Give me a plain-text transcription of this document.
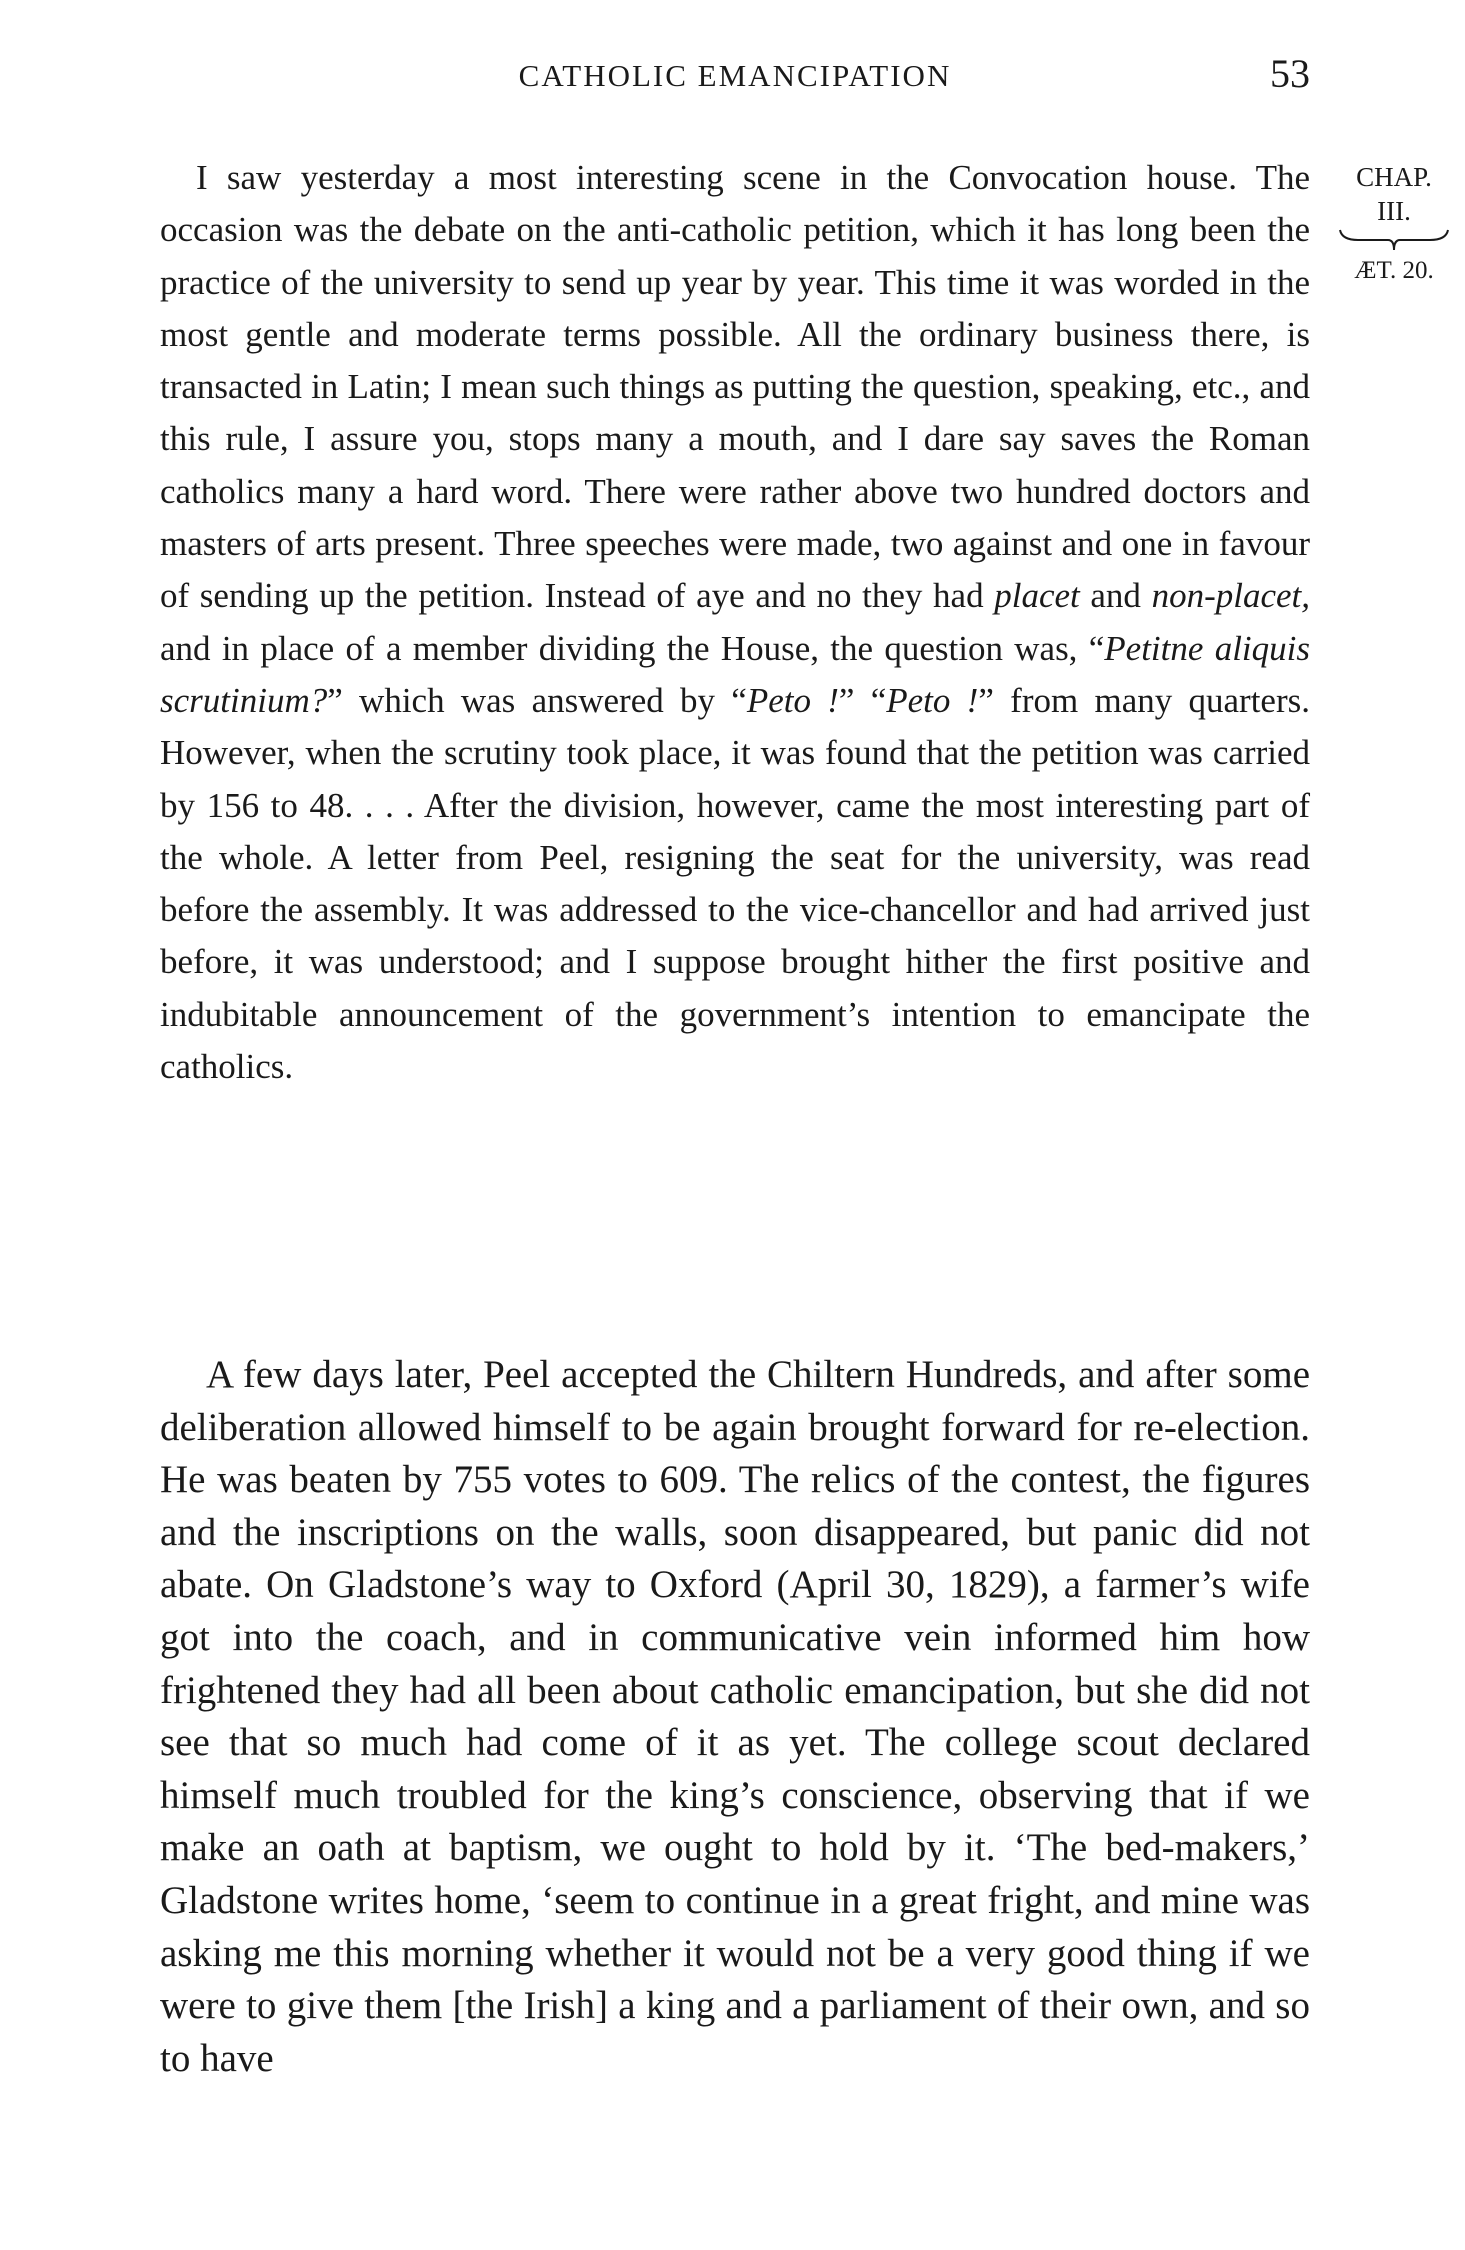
CATHOLIC EMANCIPATION	53
CHAP.
III.
ÆT. 20.

I saw yesterday a most interesting scene in the Convocation house. The occasion was the debate on the anti-catholic petition, which it has long been the practice of the university to send up year by year. This time it was worded in the most gentle and moderate terms possible. All the ordinary business there, is transacted in Latin; I mean such things as putting the question, speaking, etc., and this rule, I assure you, stops many a mouth, and I dare say saves the Roman catholics many a hard word. There were rather above two hundred doctors and masters of arts present. Three speeches were made, two against and one in favour of sending up the petition. Instead of aye and no they had placet and non-placet, and in place of a member dividing the House, the question was, “Petitne aliquis scrutinium?” which was answered by “Peto !” “Peto !” from many quarters. However, when the scrutiny took place, it was found that the petition was carried by 156 to 48. . . . After the division, however, came the most interesting part of the whole. A letter from Peel, resigning the seat for the university, was read before the assembly. It was addressed to the vice-chancellor and had arrived just before, it was understood; and I suppose brought hither the first positive and indubitable announcement of the government’s intention to emancipate the catholics.

A few days later, Peel accepted the Chiltern Hundreds, and after some deliberation allowed himself to be again brought forward for re-election. He was beaten by 755 votes to 609. The relics of the contest, the figures and the inscriptions on the walls, soon disappeared, but panic did not abate. On Gladstone’s way to Oxford (April 30, 1829), a farmer’s wife got into the coach, and in communicative vein informed him how frightened they had all been about catholic emancipation, but she did not see that so much had come of it as yet. The college scout declared himself much troubled for the king’s conscience, observing that if we make an oath at baptism, we ought to hold by it. ‘The bed-makers,’ Gladstone writes home, ‘seem to continue in a great fright, and mine was asking me this morning whether it would not be a very good thing if we were to give them [the Irish] a king and a parliament of their own, and so to have
